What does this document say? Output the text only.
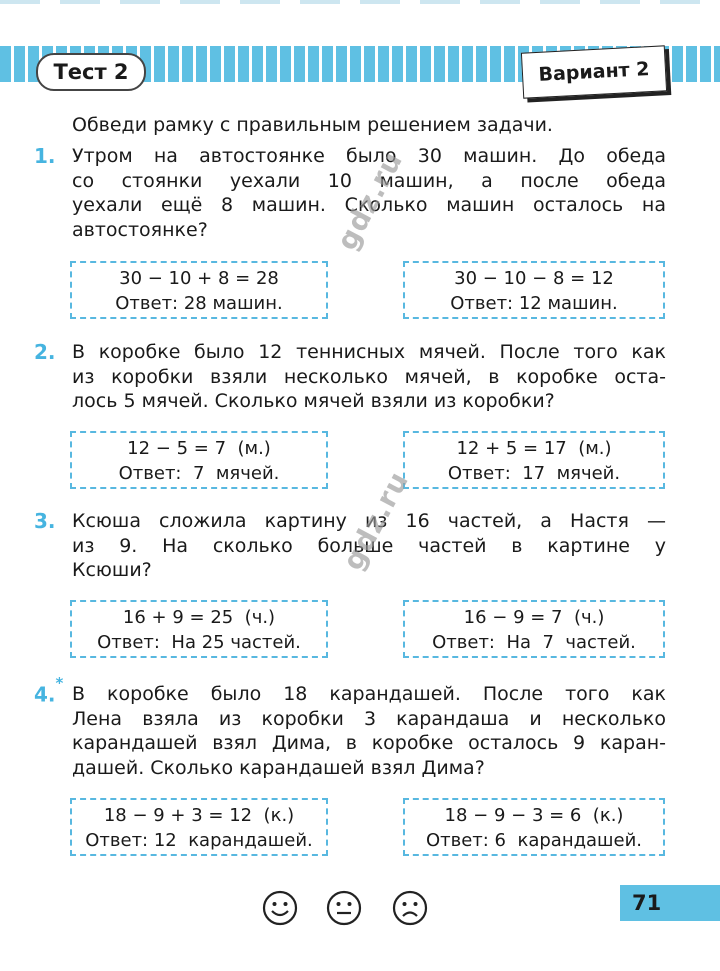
Тест 2	Вариант 2
Обведи рамку с правильным решением задачи.
1. Утром на автостоянке было 30 машин. До обеда
со стоянки уехали 10 машин, а после обеда
уехали ещё 8 машин. Сколько машин осталось на
автостоянке?
30 − 10 + 8 = 28
Ответ: 28 машин.
30 − 10 − 8 = 12
Ответ: 12 машин.
2. В коробке было 12 теннисных мячей. После того как
из коробки взяли несколько мячей, в коробке оста-
лось 5 мячей. Сколько мячей взяли из коробки?
12 − 5 = 7  (м.)
Ответ:  7  мячей.
12 + 5 = 17  (м.)
Ответ:  17  мячей.
3. Ксюша сложила картину из 16 частей, а Настя —
из 9. На сколько больше частей в картине у
Ксюши?
16 + 9 = 25  (ч.)
Ответ:  На 25 частей.
16 − 9 = 7  (ч.)
Ответ:  На  7  частей.
4.* В коробке было 18 карандашей. После того как
Лена взяла из коробки 3 карандаша и несколько
карандашей взял Дима, в коробке осталось 9 каран-
дашей. Сколько карандашей взял Дима?
18 − 9 + 3 = 12  (к.)
Ответ: 12  карандашей.
18 − 9 − 3 = 6  (к.)
Ответ: 6  карандашей.
gdz.ru
gdz.ru
71
